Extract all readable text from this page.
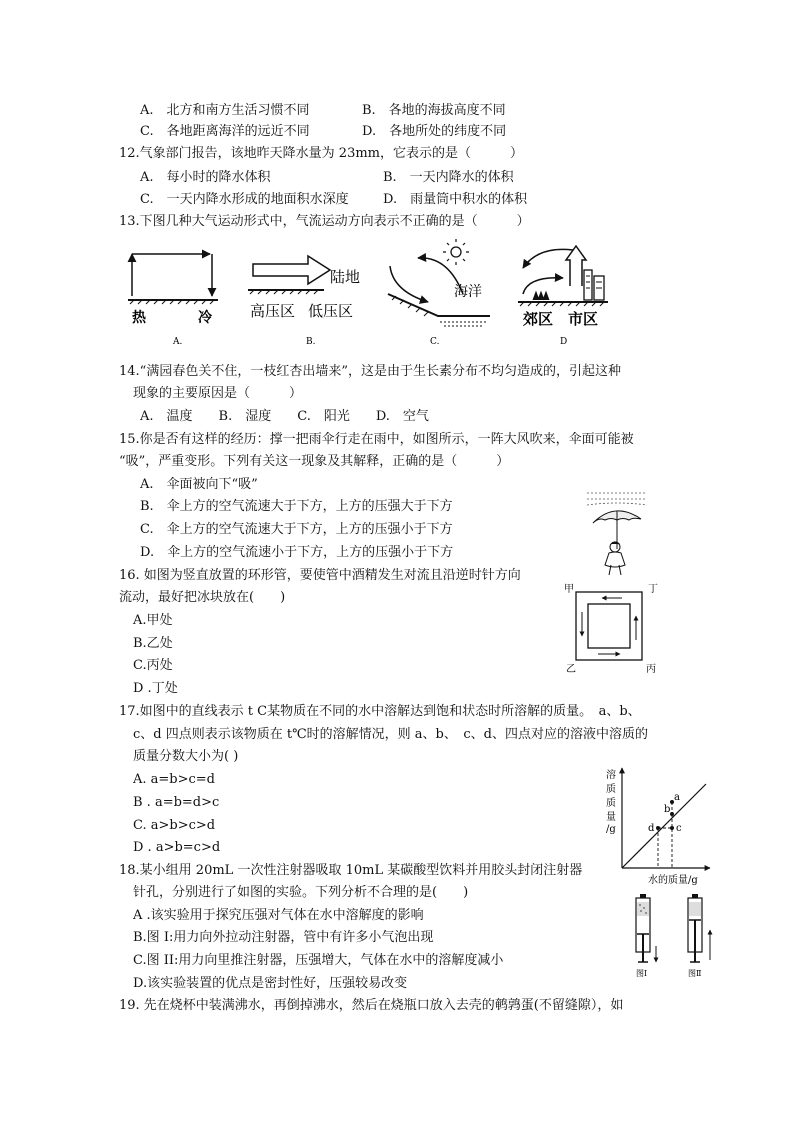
A.　北方和南方生活习惯不同	B.　各地的海拔高度不同
C.　各地距离海洋的远近不同	D.　各地所处的纬度不同
12.气象部门报告，该地昨天降水量为 23mm，它表示的是（　　　）
A.　每小时的降水体积	B.　一天内降水的体积
C.　一天内降水形成的地面积水深度	D.　雨量筒中积水的体积
13.下图几种大气运动形式中，气流运动方向表示不正确的是（　　　）
热	冷
A.
陆地
高压区 低压区
B.
海洋
C.
郊区 市区
D
14.“满园春色关不住，一枝红杏出墙来”，这是由于生长素分布不均匀造成的，引起这种
现象的主要原因是（　　　）
A.　温度　　B.　湿度　　C.　阳光　　D.　空气
15.你是否有这样的经历：撑一把雨伞行走在雨中，如图所示，一阵大风吹来，伞面可能被
“吸”，严重变形。下列有关这一现象及其解释，正确的是（　　　）
A.　伞面被向下“吸”
B.　伞上方的空气流速大于下方，上方的压强大于下方
C.　伞上方的空气流速大于下方，上方的压强小于下方
D.　伞上方的空气流速小于下方，上方的压强小于下方
16. 如图为竖直放置的环形管，要使管中酒精发生对流且沿逆时针方向
流动，最好把冰块放在(　　)
A.甲处
B.乙处
C.丙处
D .丁处
甲	丁
乙	丙
17.如图中的直线表示 t C某物质在不同的水中溶解达到饱和状态时所溶解的质量。　a、b、
c、d 四点则表示该物质在 t℃时的溶解情况，则 a、b、　c、d、四点对应的溶液中溶质的
质量分数大小为( )
A. a=b>c=d
B . a=b=d>c
C. a>b>c>d
D . a>b=c>d
a
b
c
d
溶
质
质
量
/g
水的质量/g
18.某小组用 20mL 一次性注射器吸取 10mL 某碳酸型饮料并用胶头封闭注射器
针孔，分别进行了如图的实验。下列分析不合理的是(　　)
A .该实验用于探究压强对气体在水中溶解度的影响
B.图 I:用力向外拉动注射器，管中有许多小气泡出现
C.图 II:用力向里推注射器，压强增大，气体在水中的溶解度减小
D.该实验装置的优点是密封性好，压强较易改变
图Ⅰ	图Ⅱ
19. 先在烧杯中装满沸水，再倒掉沸水，然后在烧瓶口放入去壳的鹌鹑蛋(不留缝隙），如
